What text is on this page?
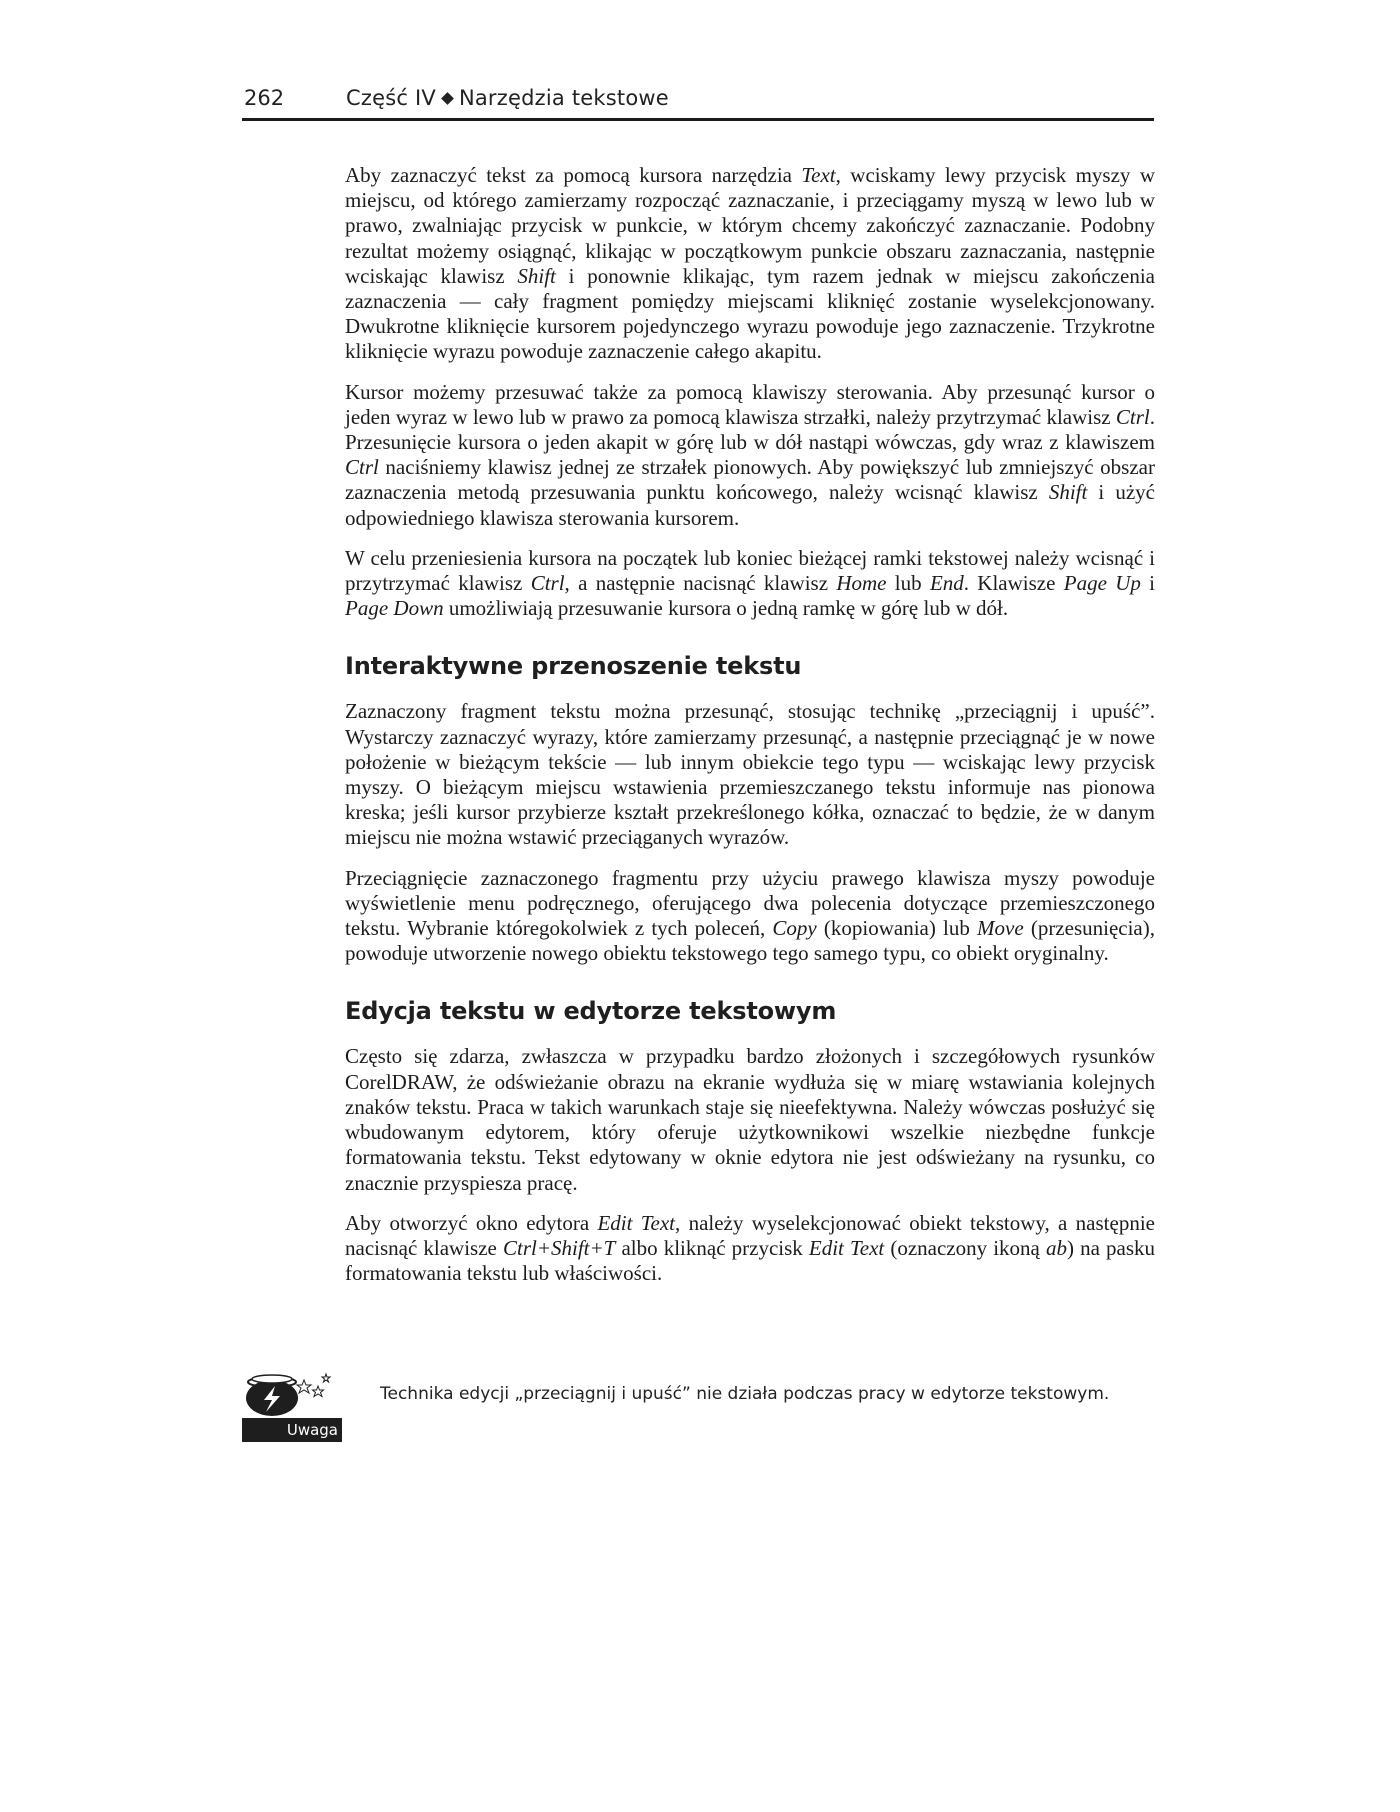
262	Część IV Narzędzia tekstowe

Aby zaznaczyć tekst za pomocą kursora narzędzia Text, wciskamy lewy przycisk myszy w miejscu, od którego zamierzamy rozpocząć zaznaczanie, i przeciągamy myszą w lewo lub w prawo, zwalniając przycisk w punkcie, w którym chcemy zakończyć zaznaczanie. Podobny rezultat możemy osiągnąć, klikając w początkowym punkcie obszaru zaznaczania, następnie wciskając klawisz Shift i ponownie klikając, tym razem jednak w miejscu zakończenia zaznaczenia — cały fragment pomiędzy miejscami kliknięć zostanie wyselekcjonowany. Dwukrotne kliknięcie kursorem pojedynczego wyrazu powoduje jego zaznaczenie. Trzykrotne kliknięcie wyrazu powoduje zaznaczenie całego akapitu.

Kursor możemy przesuwać także za pomocą klawiszy sterowania. Aby przesunąć kursor o jeden wyraz w lewo lub w prawo za pomocą klawisza strzałki, należy przytrzymać klawisz Ctrl. Przesunięcie kursora o jeden akapit w górę lub w dół nastąpi wówczas, gdy wraz z klawiszem Ctrl naciśniemy klawisz jednej ze strzałek pionowych. Aby powiększyć lub zmniejszyć obszar zaznaczenia metodą przesuwania punktu końcowego, należy wcisnąć klawisz Shift i użyć odpowiedniego klawisza sterowania kursorem.

W celu przeniesienia kursora na początek lub koniec bieżącej ramki tekstowej należy wcisnąć i przytrzymać klawisz Ctrl, a następnie nacisnąć klawisz Home lub End. Klawisze Page Up i Page Down umożliwiają przesuwanie kursora o jedną ramkę w górę lub w dół.

Interaktywne przenoszenie tekstu

Zaznaczony fragment tekstu można przesunąć, stosując technikę „przeciągnij i upuść”. Wystarczy zaznaczyć wyrazy, które zamierzamy przesunąć, a następnie przeciągnąć je w nowe położenie w bieżącym tekście — lub innym obiekcie tego typu — wciskając lewy przycisk myszy. O bieżącym miejscu wstawienia przemieszczanego tekstu informuje nas pionowa kreska; jeśli kursor przybierze kształt przekreślonego kółka, oznaczać to będzie, że w danym miejscu nie można wstawić przeciąganych wyrazów.

Przeciągnięcie zaznaczonego fragmentu przy użyciu prawego klawisza myszy powoduje wyświetlenie menu podręcznego, oferującego dwa polecenia dotyczące przemieszczonego tekstu. Wybranie któregokolwiek z tych poleceń, Copy (kopiowania) lub Move (przesunięcia), powoduje utworzenie nowego obiektu tekstowego tego samego typu, co obiekt oryginalny.

Edycja tekstu w edytorze tekstowym

Często się zdarza, zwłaszcza w przypadku bardzo złożonych i szczegółowych rysunków CorelDRAW, że odświeżanie obrazu na ekranie wydłuża się w miarę wstawiania kolejnych znaków tekstu. Praca w takich warunkach staje się nieefektywna. Należy wówczas posłużyć się wbudowanym edytorem, który oferuje użytkownikowi wszelkie niezbędne funkcje formatowania tekstu. Tekst edytowany w oknie edytora nie jest odświeżany na rysunku, co znacznie przyspiesza pracę.

Aby otworzyć okno edytora Edit Text, należy wyselekcjonować obiekt tekstowy, a następnie nacisnąć klawisze Ctrl+Shift+T albo kliknąć przycisk Edit Text (oznaczony ikoną ab) na pasku formatowania tekstu lub właściwości.

Uwaga
Technika edycji „przeciągnij i upuść” nie działa podczas pracy w edytorze tekstowym.
